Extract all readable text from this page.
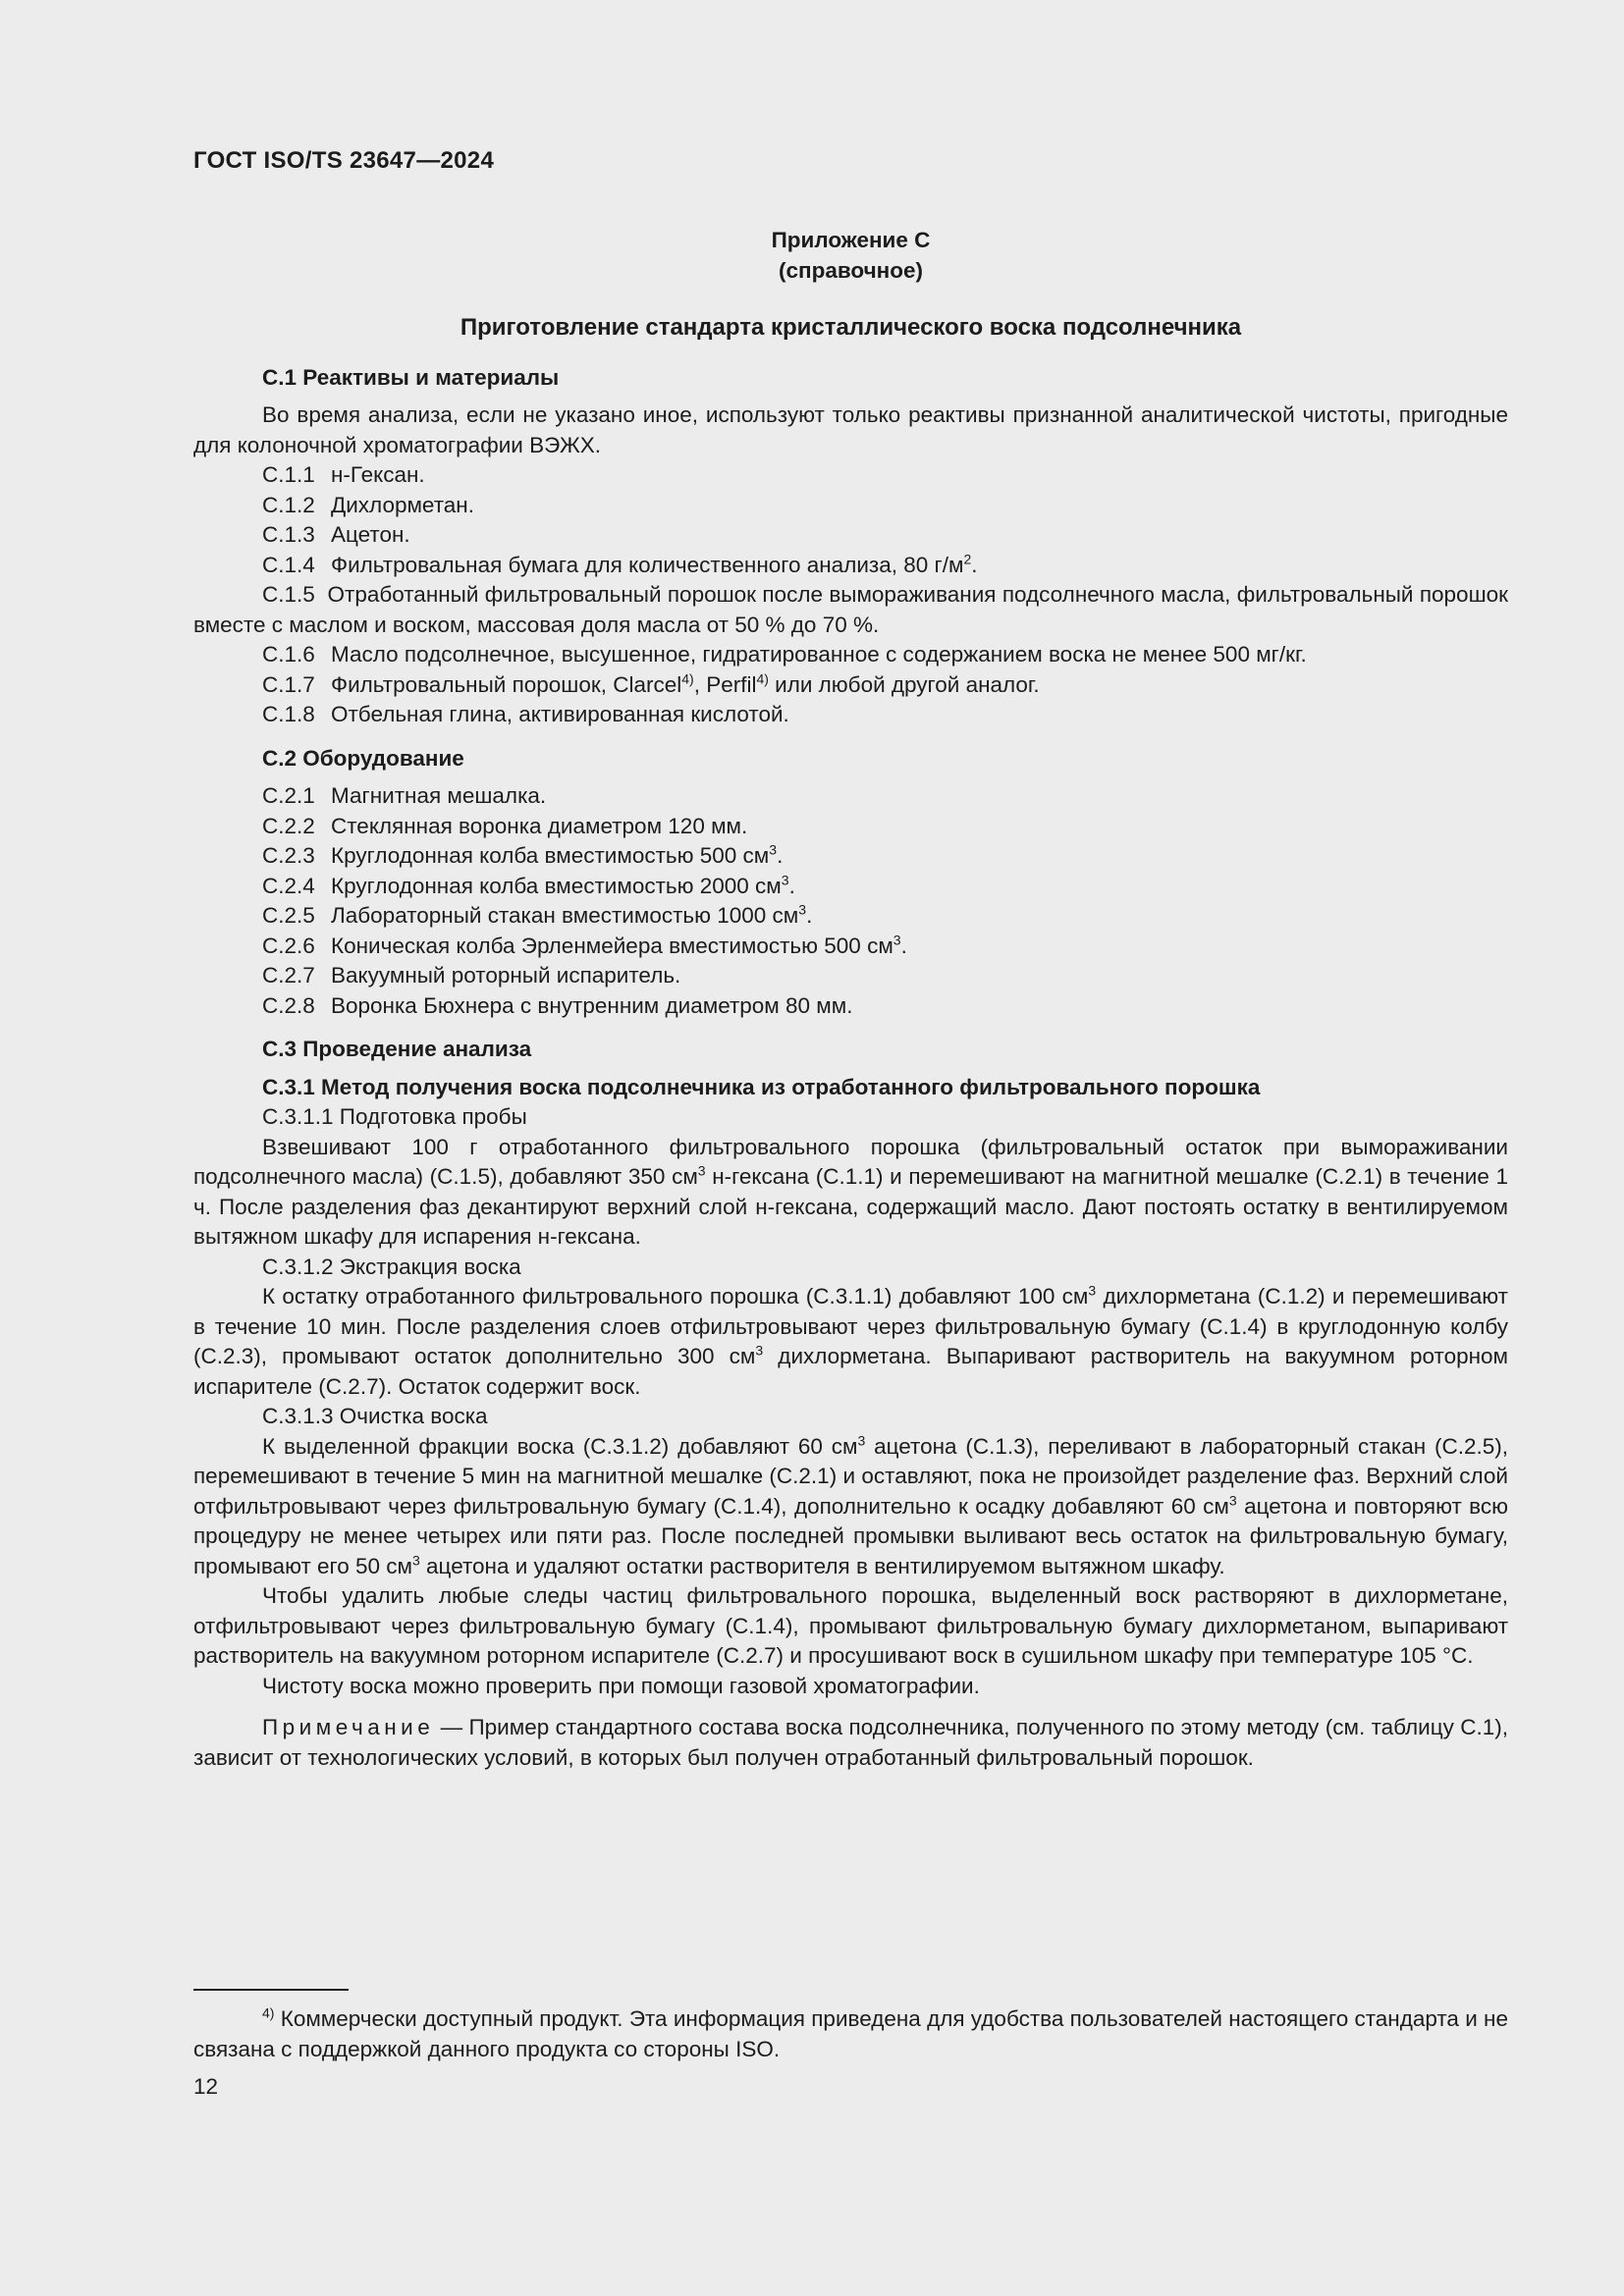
ГОСТ ISO/TS 23647—2024

Приложение С

(справочное)

Приготовление стандарта кристаллического воска подсолнечника

С.1 Реактивы и материалы

Во время анализа, если не указано иное, используют только реактивы признанной аналитической чистоты, пригодные для колоночной хроматографии ВЭЖХ.

С.1.1 н-Гексан.

С.1.2 Дихлорметан.

С.1.3 Ацетон.

С.1.4 Фильтровальная бумага для количественного анализа, 80 $г/м^2$.

С.1.5 Отработанный фильтровальный порошок после вымораживания подсолнечного масла, фильтровальный порошок вместе с маслом и воском, массовая доля масла от 50 % до 70 %.

С.1.6 Масло подсолнечное, высушенное, гидратированное с содержанием воска не менее 500 мг/кг.

С.1.7 Фильтровальный порошок, Clarcel$^{4)}$, Perfil$^{4)}$ или любой другой аналог.

С.1.8 Отбельная глина, активированная кислотой.

С.2 Оборудование

С.2.1 Магнитная мешалка.

С.2.2 Стеклянная воронка диаметром 120 мм.

С.2.3 Круглодонная колба вместимостью 500 $см^3$.

С.2.4 Круглодонная колба вместимостью 2000 $см^3$.

С.2.5 Лабораторный стакан вместимостью 1000 $см^3$.

С.2.6 Коническая колба Эрленмейера вместимостью 500 $см^3$.

С.2.7 Вакуумный роторный испаритель.

С.2.8 Воронка Бюхнера с внутренним диаметром 80 мм.

С.3 Проведение анализа

С.3.1 Метод получения воска подсолнечника из отработанного фильтровального порошка

С.3.1.1 Подготовка пробы

Взвешивают 100 г отработанного фильтровального порошка (фильтровальный остаток при вымораживании подсолнечного масла) (С.1.5), добавляют 350 $см^3$ н-гексана (С.1.1) и перемешивают на магнитной мешалке (С.2.1) в течение 1 ч. После разделения фаз декантируют верхний слой н-гексана, содержащий масло. Дают постоять остатку в вентилируемом вытяжном шкафу для испарения н-гексана.

С.3.1.2 Экстракция воска

К остатку отработанного фильтровального порошка (С.3.1.1) добавляют 100 $см^3$ дихлорметана (С.1.2) и перемешивают в течение 10 мин. После разделения слоев отфильтровывают через фильтровальную бумагу (С.1.4) в круглодонную колбу (С.2.3), промывают остаток дополнительно 300 $см^3$ дихлорметана. Выпаривают растворитель на вакуумном роторном испарителе (С.2.7). Остаток содержит воск.

С.3.1.3 Очистка воска

К выделенной фракции воска (С.3.1.2) добавляют 60 $см^3$ ацетона (С.1.3), переливают в лабораторный стакан (С.2.5), перемешивают в течение 5 мин на магнитной мешалке (С.2.1) и оставляют, пока не произойдет разделение фаз. Верхний слой отфильтровывают через фильтровальную бумагу (С.1.4), дополнительно к осадку добавляют 60 $см^3$ ацетона и повторяют всю процедуру не менее четырех или пяти раз. После последней промывки выливают весь остаток на фильтровальную бумагу, промывают его 50 $см^3$ ацетона и удаляют остатки растворителя в вентилируемом вытяжном шкафу.

Чтобы удалить любые следы частиц фильтровального порошка, выделенный воск растворяют в дихлорметане, отфильтровывают через фильтровальную бумагу (С.1.4), промывают фильтровальную бумагу дихлорметаном, выпаривают растворитель на вакуумном роторном испарителе (С.2.7) и просушивают воск в сушильном шкафу при температуре 105 °С.

Чистоту воска можно проверить при помощи газовой хроматографии.

Примечание — Пример стандартного состава воска подсолнечника, полученного по этому методу (см. таблицу С.1), зависит от технологических условий, в которых был получен отработанный фильтровальный порошок.

$^{4)}$ Коммерчески доступный продукт. Эта информация приведена для удобства пользователей настоящего стандарта и не связана с поддержкой данного продукта со стороны ISO.

12
